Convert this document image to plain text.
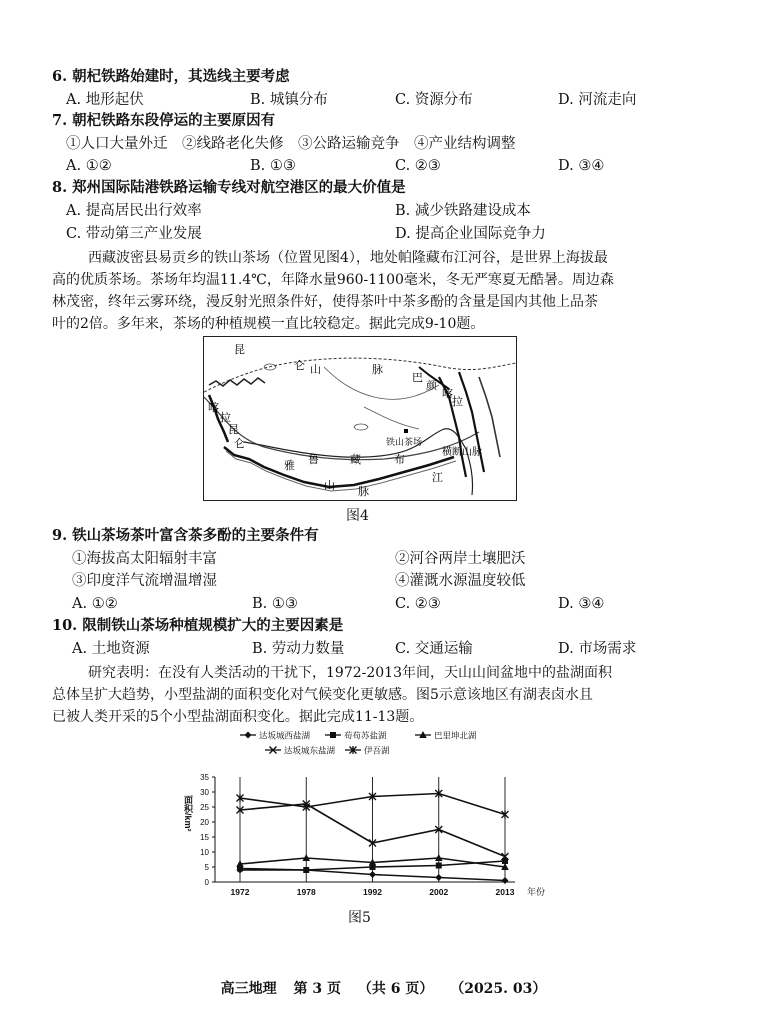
6. 朝杞铁路始建时，其选线主要考虑
A. 地形起伏	B. 城镇分布	C. 资源分布	D. 河流走向
7. 朝杞铁路东段停运的主要原因有
①人口大量外迁　②线路老化失修　③公路运输竞争　④产业结构调整
A. ①②	B. ①③	C. ②③	D. ③④
8. 郑州国际陆港铁路运输专线对航空港区的最大价值是
A. 提高居民出行效率	B. 减少铁路建设成本
C. 带动第三产业发展	D. 提高企业国际竞争力
西藏波密县易贡乡的铁山茶场（位置见图4），地处帕隆藏布江河谷，是世界上海拔最
高的优质茶场。茶场年均温11.4℃，年降水量960-1100毫米，冬无严寒夏无酷暑。周边森
林茂密，终年云雾环绕，漫反射光照条件好，使得茶叶中茶多酚的含量是国内其他上品茶
叶的2倍。多年来，茶场的种植规模一直比较稳定。据此完成9-10题。
昆
仑 山	脉
巴
颜
喀
拉
喀
拉
昆
仑	铁山茶场
横断山脉
雅 鲁	藏	布
江
山 脉
图4
9. 铁山茶场茶叶富含茶多酚的主要条件有
①海拔高太阳辐射丰富	②河谷两岸土壤肥沃
③印度洋气流增温增湿	④灌溉水源温度较低
A. ①②	B. ①③	C. ②③	D. ③④
10. 限制铁山茶场种植规模扩大的主要因素是
A. 土地资源	B. 劳动力数量	C. 交通运输	D. 市场需求
研究表明：在没有人类活动的干扰下，1972-2013年间，天山山间盆地中的盐湖面积
总体呈扩大趋势，小型盐湖的面积变化对气候变化更敏感。图5示意该地区有湖表卤水且
已被人类开采的5个小型盐湖面积变化。据此完成11-13题。
达坂城西盐湖	苟苟苏盐湖	巴里坤北湖
达坂城东盐湖	伊吾湖
0
5
10
15
20
25
30
35
1972	1978	1992	2002	2013 年份
面积/km²
图5
高三地理 第 3 页 （共 6 页） （2025. 03）
